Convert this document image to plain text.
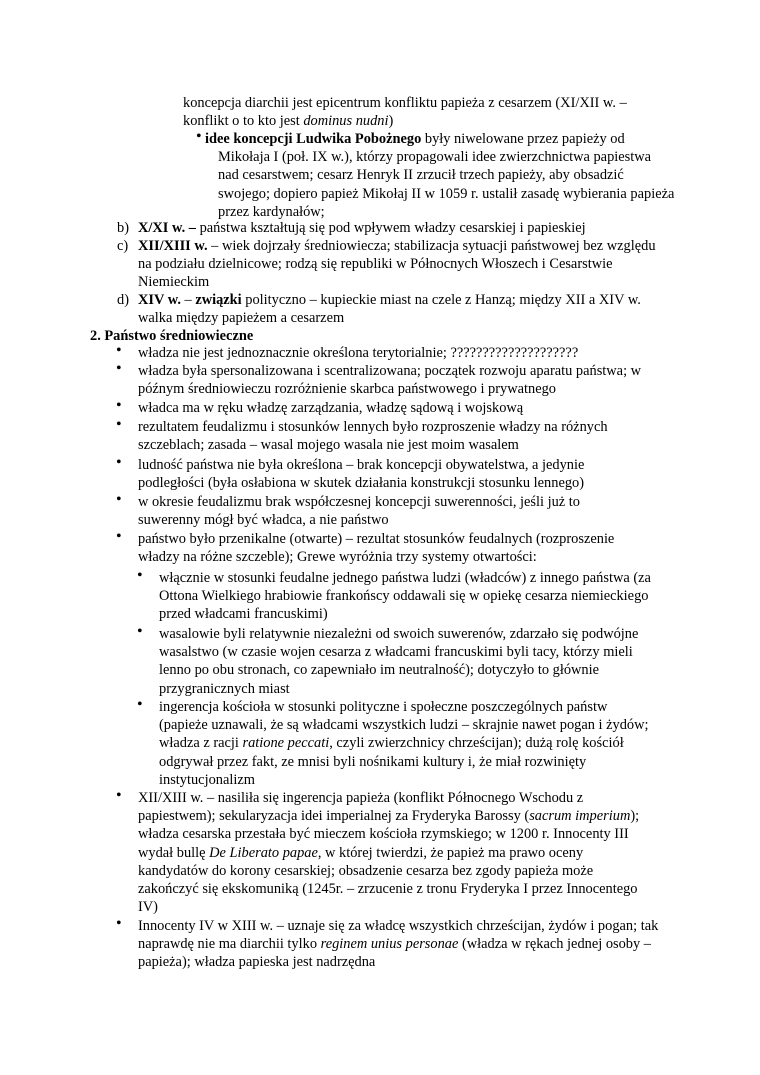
koncepcja diarchii jest epicentrum konfliktu papieża z cesarzem (XI/XII w. –

konflikt o to kto jest dominus nudni)

• idee koncepcji Ludwika Pobożnego były niwelowane przez papieży od Mikołaja I (poł. IX w.), którzy propagowali idee zwierzchnictwa papiestwa nad cesarstwem; cesarz Henryk II zrzucił trzech papieży, aby obsadzić swojego; dopiero papież Mikołaj II w 1059 r. ustalił zasadę wybierania papieża przez kardynałów;

b) X/XI w. – państwa kształtują się pod wpływem władzy cesarskiej i papieskiej

c) XII/XIII w. – wiek dojrzały średniowiecza; stabilizacja sytuacji państwowej bez względu na podziału dzielnicowe; rodzą się republiki w Północnych Włoszech i Cesarstwie Niemieckim

d) XIV w. – związki polityczno – kupieckie miast na czele z Hanzą; między XII a XIV w. walka między papieżem a cesarzem

2. Państwo średniowieczne

• władza nie jest jednoznacznie określona terytorialnie; ????????????????????

• władza była spersonalizowana i scentralizowana; początek rozwoju aparatu państwa; w późnym średniowieczu rozróżnienie skarbca państwowego i prywatnego

• władca ma w ręku władzę zarządzania, władzę sądową i wojskową

• rezultatem feudalizmu i stosunków lennych było rozproszenie władzy na różnych szczeblach; zasada – wasal mojego wasala nie jest moim wasalem

• ludność państwa nie była określona – brak koncepcji obywatelstwa, a jedynie podległości (była osłabiona w skutek działania konstrukcji stosunku lennego)

• w okresie feudalizmu brak współczesnej koncepcji suwerenności, jeśli już to suwerenny mógł być władca, a nie państwo

• państwo było przenikalne (otwarte) – rezultat stosunków feudalnych (rozproszenie władzy na różne szczeble); Grewe wyróżnia trzy systemy otwartości:

• włącznie w stosunki feudalne jednego państwa ludzi (władców) z innego państwa (za Ottona Wielkiego hrabiowie frankońscy oddawali się w opiekę cesarza niemieckiego przed władcami francuskimi)

• wasalowie byli relatywnie niezależni od swoich suwerenów, zdarzało się podwójne wasalstwo (w czasie wojen cesarza z władcami francuskimi byli tacy, którzy mieli lenno po obu stronach, co zapewniało im neutralność); dotyczyło to głównie przygranicznych miast

• ingerencja kościoła w stosunki polityczne i społeczne poszczególnych państw (papieże uznawali, że są władcami wszystkich ludzi – skrajnie nawet pogan i żydów; władza z racji ratione peccati, czyli zwierzchnicy chrześcijan); dużą rolę kościół odgrywał przez fakt, ze mnisi byli nośnikami kultury i, że miał rozwinięty instytucjonalizm

• XII/XIII w. – nasiliła się ingerencja papieża (konflikt Północnego Wschodu z papiestwem); sekularyzacja idei imperialnej za Fryderyka Barossy (sacrum imperium); władza cesarska przestała być mieczem kościoła rzymskiego; w 1200 r. Innocenty III wydał bullę De Liberato papae, w której twierdzi, że papież ma prawo oceny kandydatów do korony cesarskiej; obsadzenie cesarza bez zgody papieża może zakończyć się ekskomuniką (1245r. – zrzucenie z tronu Fryderyka I przez Innocentego IV)

• Innocenty IV w XIII w. – uznaje się za władcę wszystkich chrześcijan, żydów i pogan; tak naprawdę nie ma diarchii tylko reginem unius personae (władza w rękach jednej osoby – papieża); władza papieska jest nadrzędna
